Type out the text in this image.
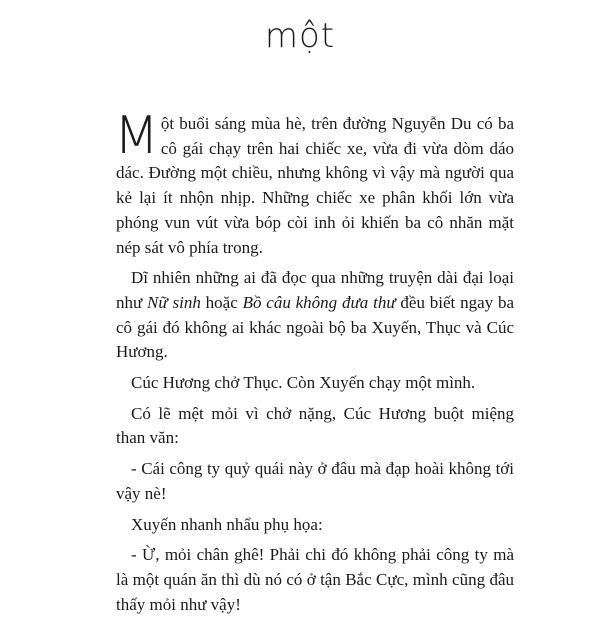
một

Một buổi sáng mùa hè, trên đường Nguyễn Du có ba cô gái chạy trên hai chiếc xe, vừa đi vừa dòm dáo dác. Đường một chiều, nhưng không vì vậy mà người qua kẻ lại ít nhộn nhịp. Những chiếc xe phân khối lớn vừa phóng vun vút vừa bóp còi inh ỏi khiến ba cô nhăn mặt nép sát vô phía trong.

Dĩ nhiên những ai đã đọc qua những truyện dài đại loại như Nữ sinh hoặc Bồ câu không đưa thư đều biết ngay ba cô gái đó không ai khác ngoài bộ ba Xuyến, Thục và Cúc Hương.

Cúc Hương chở Thục. Còn Xuyến chạy một mình.

Có lẽ mệt mỏi vì chở nặng, Cúc Hương buột miệng than văn:

- Cái công ty quỷ quái này ở đâu mà đạp hoài không tới vậy nè!

Xuyến nhanh nhẩu phụ họa:

- Ừ, mỏi chân ghê! Phải chi đó không phải công ty mà là một quán ăn thì dù nó có ở tận Bắc Cực, mình cũng đâu thấy mỏi như vậy!
